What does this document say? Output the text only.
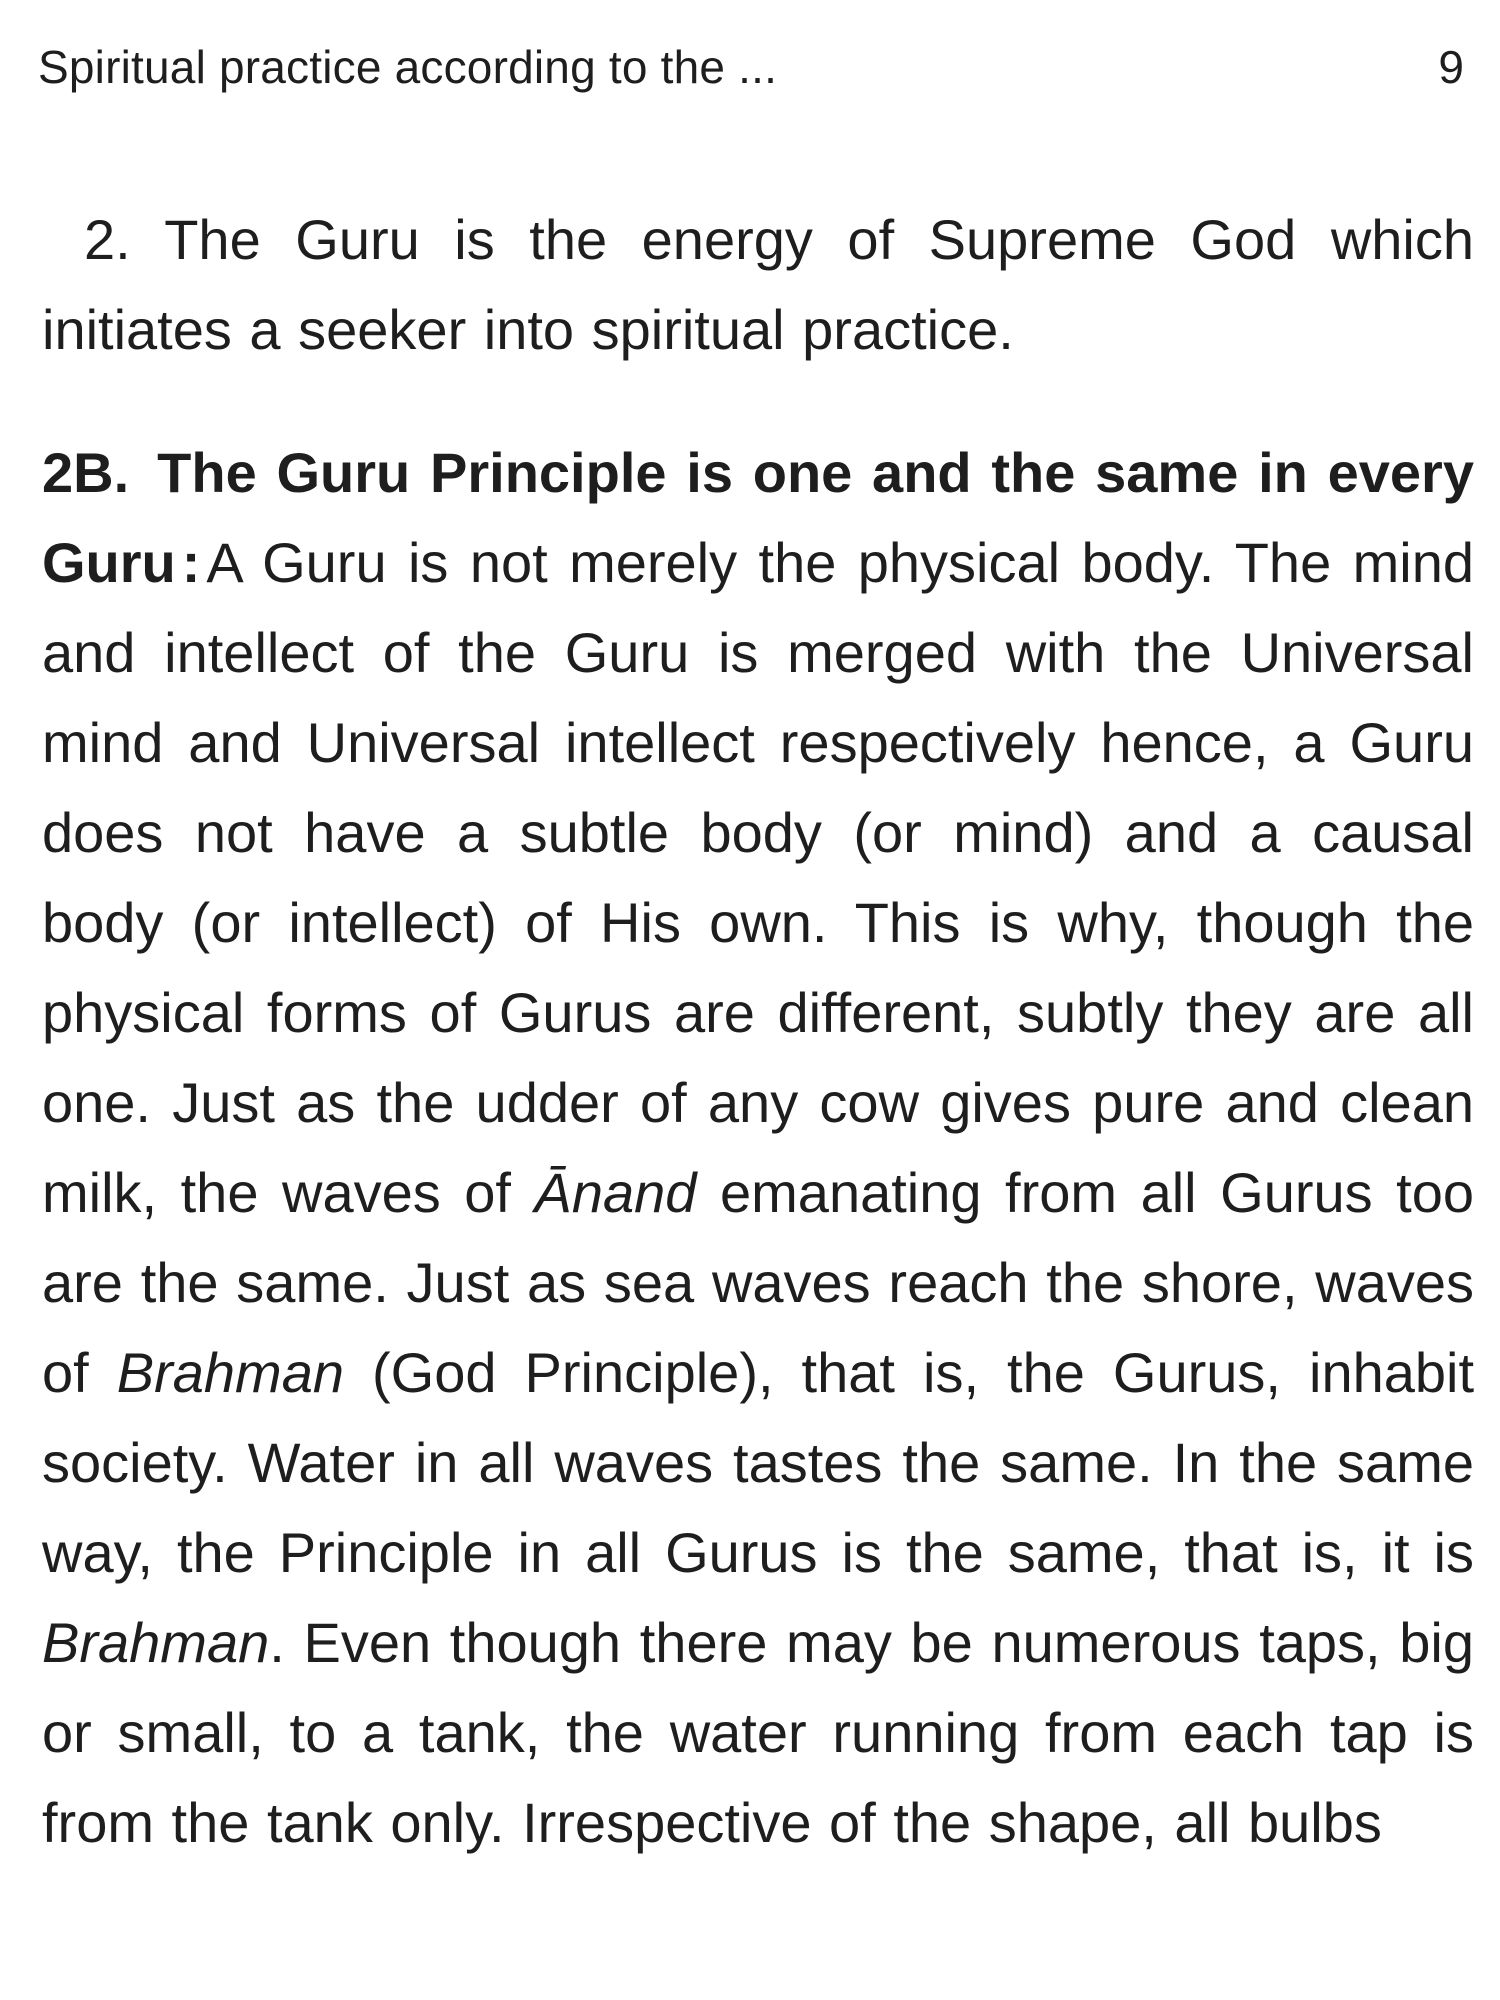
Spiritual practice according to the ...	9

2. The Guru is the energy of Supreme God which initiates a seeker into spiritual practice.

2B. The Guru Principle is one and the same in every Guru : A Guru is not merely the physical body. The mind and intellect of the Guru is merged with the Universal mind and Universal intellect respectively hence, a Guru does not have a subtle body (or mind) and a causal body (or intellect) of His own. This is why, though the physical forms of Gurus are different, subtly they are all one. Just as the udder of any cow gives pure and clean milk, the waves of Ānand emanating from all Gurus too are the same. Just as sea waves reach the shore, waves of Brahman (God Principle), that is, the Gurus, inhabit society. Water in all waves tastes the same. In the same way, the Principle in all Gurus is the same, that is, it is Brahman. Even though there may be numerous taps, big or small, to a tank, the water running from each tap is from the tank only. Irrespective of the shape, all bulbs
